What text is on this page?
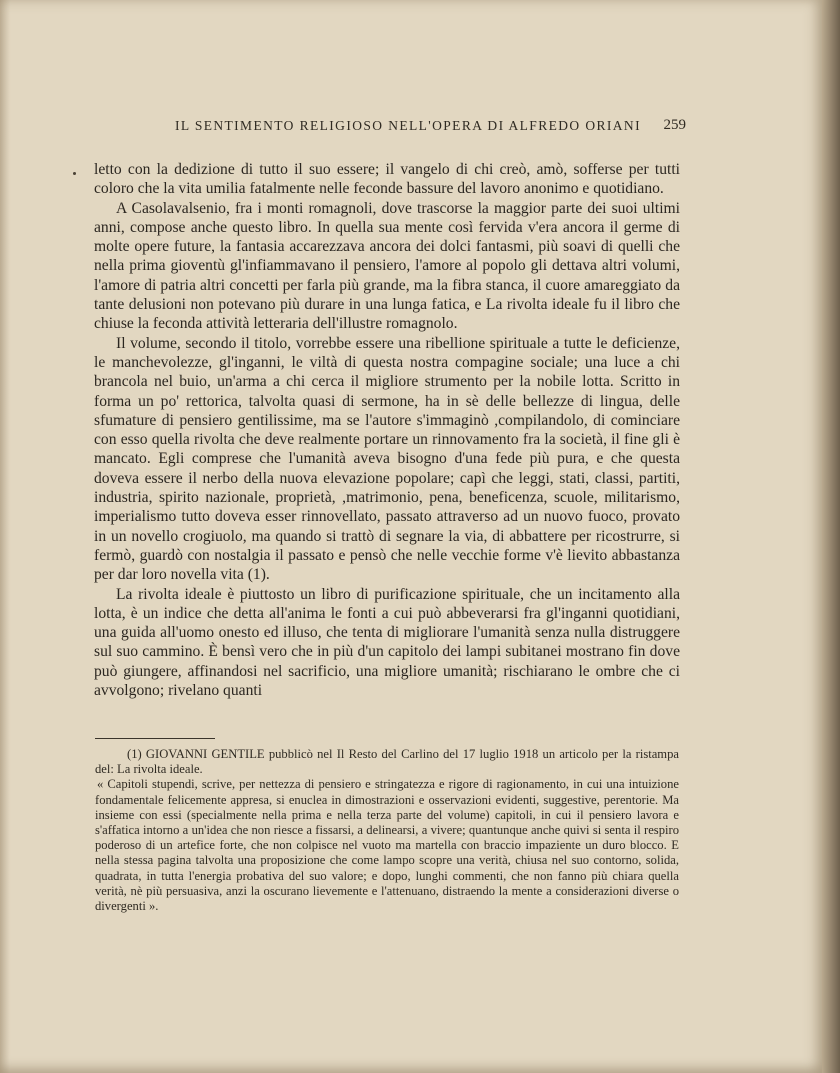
IL SENTIMENTO RELIGIOSO NELL'OPERA DI ALFREDO ORIANI	259

letto con la dedizione di tutto il suo essere; il vangelo di chi creò, amò, sofferse per tutti coloro che la vita umilia fatalmente nelle feconde bassure del lavoro anonimo e quotidiano.

A Casolavalsenio, fra i monti romagnoli, dove trascorse la maggior parte dei suoi ultimi anni, compose anche questo libro. In quella sua mente così fervida v'era ancora il germe di molte opere future, la fantasia accarezzava ancora dei dolci fantasmi, più soavi di quelli che nella prima gioventù gl'infiammavano il pensiero, l'amore al popolo gli dettava altri volumi, l'amore di patria altri concetti per farla più grande, ma la fibra stanca, il cuore amareggiato da tante delusioni non potevano più durare in una lunga fatica, e La rivolta ideale fu il libro che chiuse la feconda attività letteraria dell'illustre romagnolo.

Il volume, secondo il titolo, vorrebbe essere una ribellione spirituale a tutte le deficienze, le manchevolezze, gl'inganni, le viltà di questa nostra compagine sociale; una luce a chi brancola nel buio, un'arma a chi cerca il migliore strumento per la nobile lotta. Scritto in forma un po' rettorica, talvolta quasi di sermone, ha in sè delle bellezze di lingua, delle sfumature di pensiero gentilissime, ma se l'autore s'immaginò ,compilandolo, di cominciare con esso quella rivolta che deve realmente portare un rinnovamento fra la società, il fine gli è mancato. Egli comprese che l'umanità aveva bisogno d'una fede più pura, e che questa doveva essere il nerbo della nuova elevazione popolare; capì che leggi, stati, classi, partiti, industria, spirito nazionale, proprietà, ,matrimonio, pena, beneficenza, scuole, militarismo, imperialismo tutto doveva esser rinnovellato, passato attraverso ad un nuovo fuoco, provato in un novello crogiuolo, ma quando si trattò di segnare la via, di abbattere per ricostrurre, si fermò, guardò con nostalgia il passato e pensò che nelle vecchie forme v'è lievito abbastanza per dar loro novella vita (1).

La rivolta ideale è piuttosto un libro di purificazione spirituale, che un incitamento alla lotta, è un indice che detta all'anima le fonti a cui può abbeverarsi fra gl'inganni quotidiani, una guida all'uomo onesto ed illuso, che tenta di migliorare l'umanità senza nulla distruggere sul suo cammino. È bensì vero che in più d'un capitolo dei lampi subitanei mostrano fin dove può giungere, affinandosi nel sacrificio, una migliore umanità; rischiarano le ombre che ci avvolgono; rivelano quanti

(1) GIOVANNI GENTILE pubblicò nel Il Resto del Carlino del 17 luglio 1918 un articolo per la ristampa del: La rivolta ideale.

« Capitoli stupendi, scrive, per nettezza di pensiero e stringatezza e rigore di ragionamento, in cui una intuizione fondamentale felicemente appresa, si enuclea in dimostrazioni e osservazioni evidenti, suggestive, perentorie. Ma insieme con essi (specialmente nella prima e nella terza parte del volume) capitoli, in cui il pensiero lavora e s'affatica intorno a un'idea che non riesce a fissarsi, a delinearsi, a vivere; quantunque anche quivi si senta il respiro poderoso di un artefice forte, che non colpisce nel vuoto ma martella con braccio impaziente un duro blocco. E nella stessa pagina talvolta una proposizione che come lampo scopre una verità, chiusa nel suo contorno, solida, quadrata, in tutta l'energia probativa del suo valore; e dopo, lunghi commenti, che non fanno più chiara quella verità, nè più persuasiva, anzi la oscurano lievemente e l'attenuano, distraendo la mente a considerazioni diverse o divergenti ».
